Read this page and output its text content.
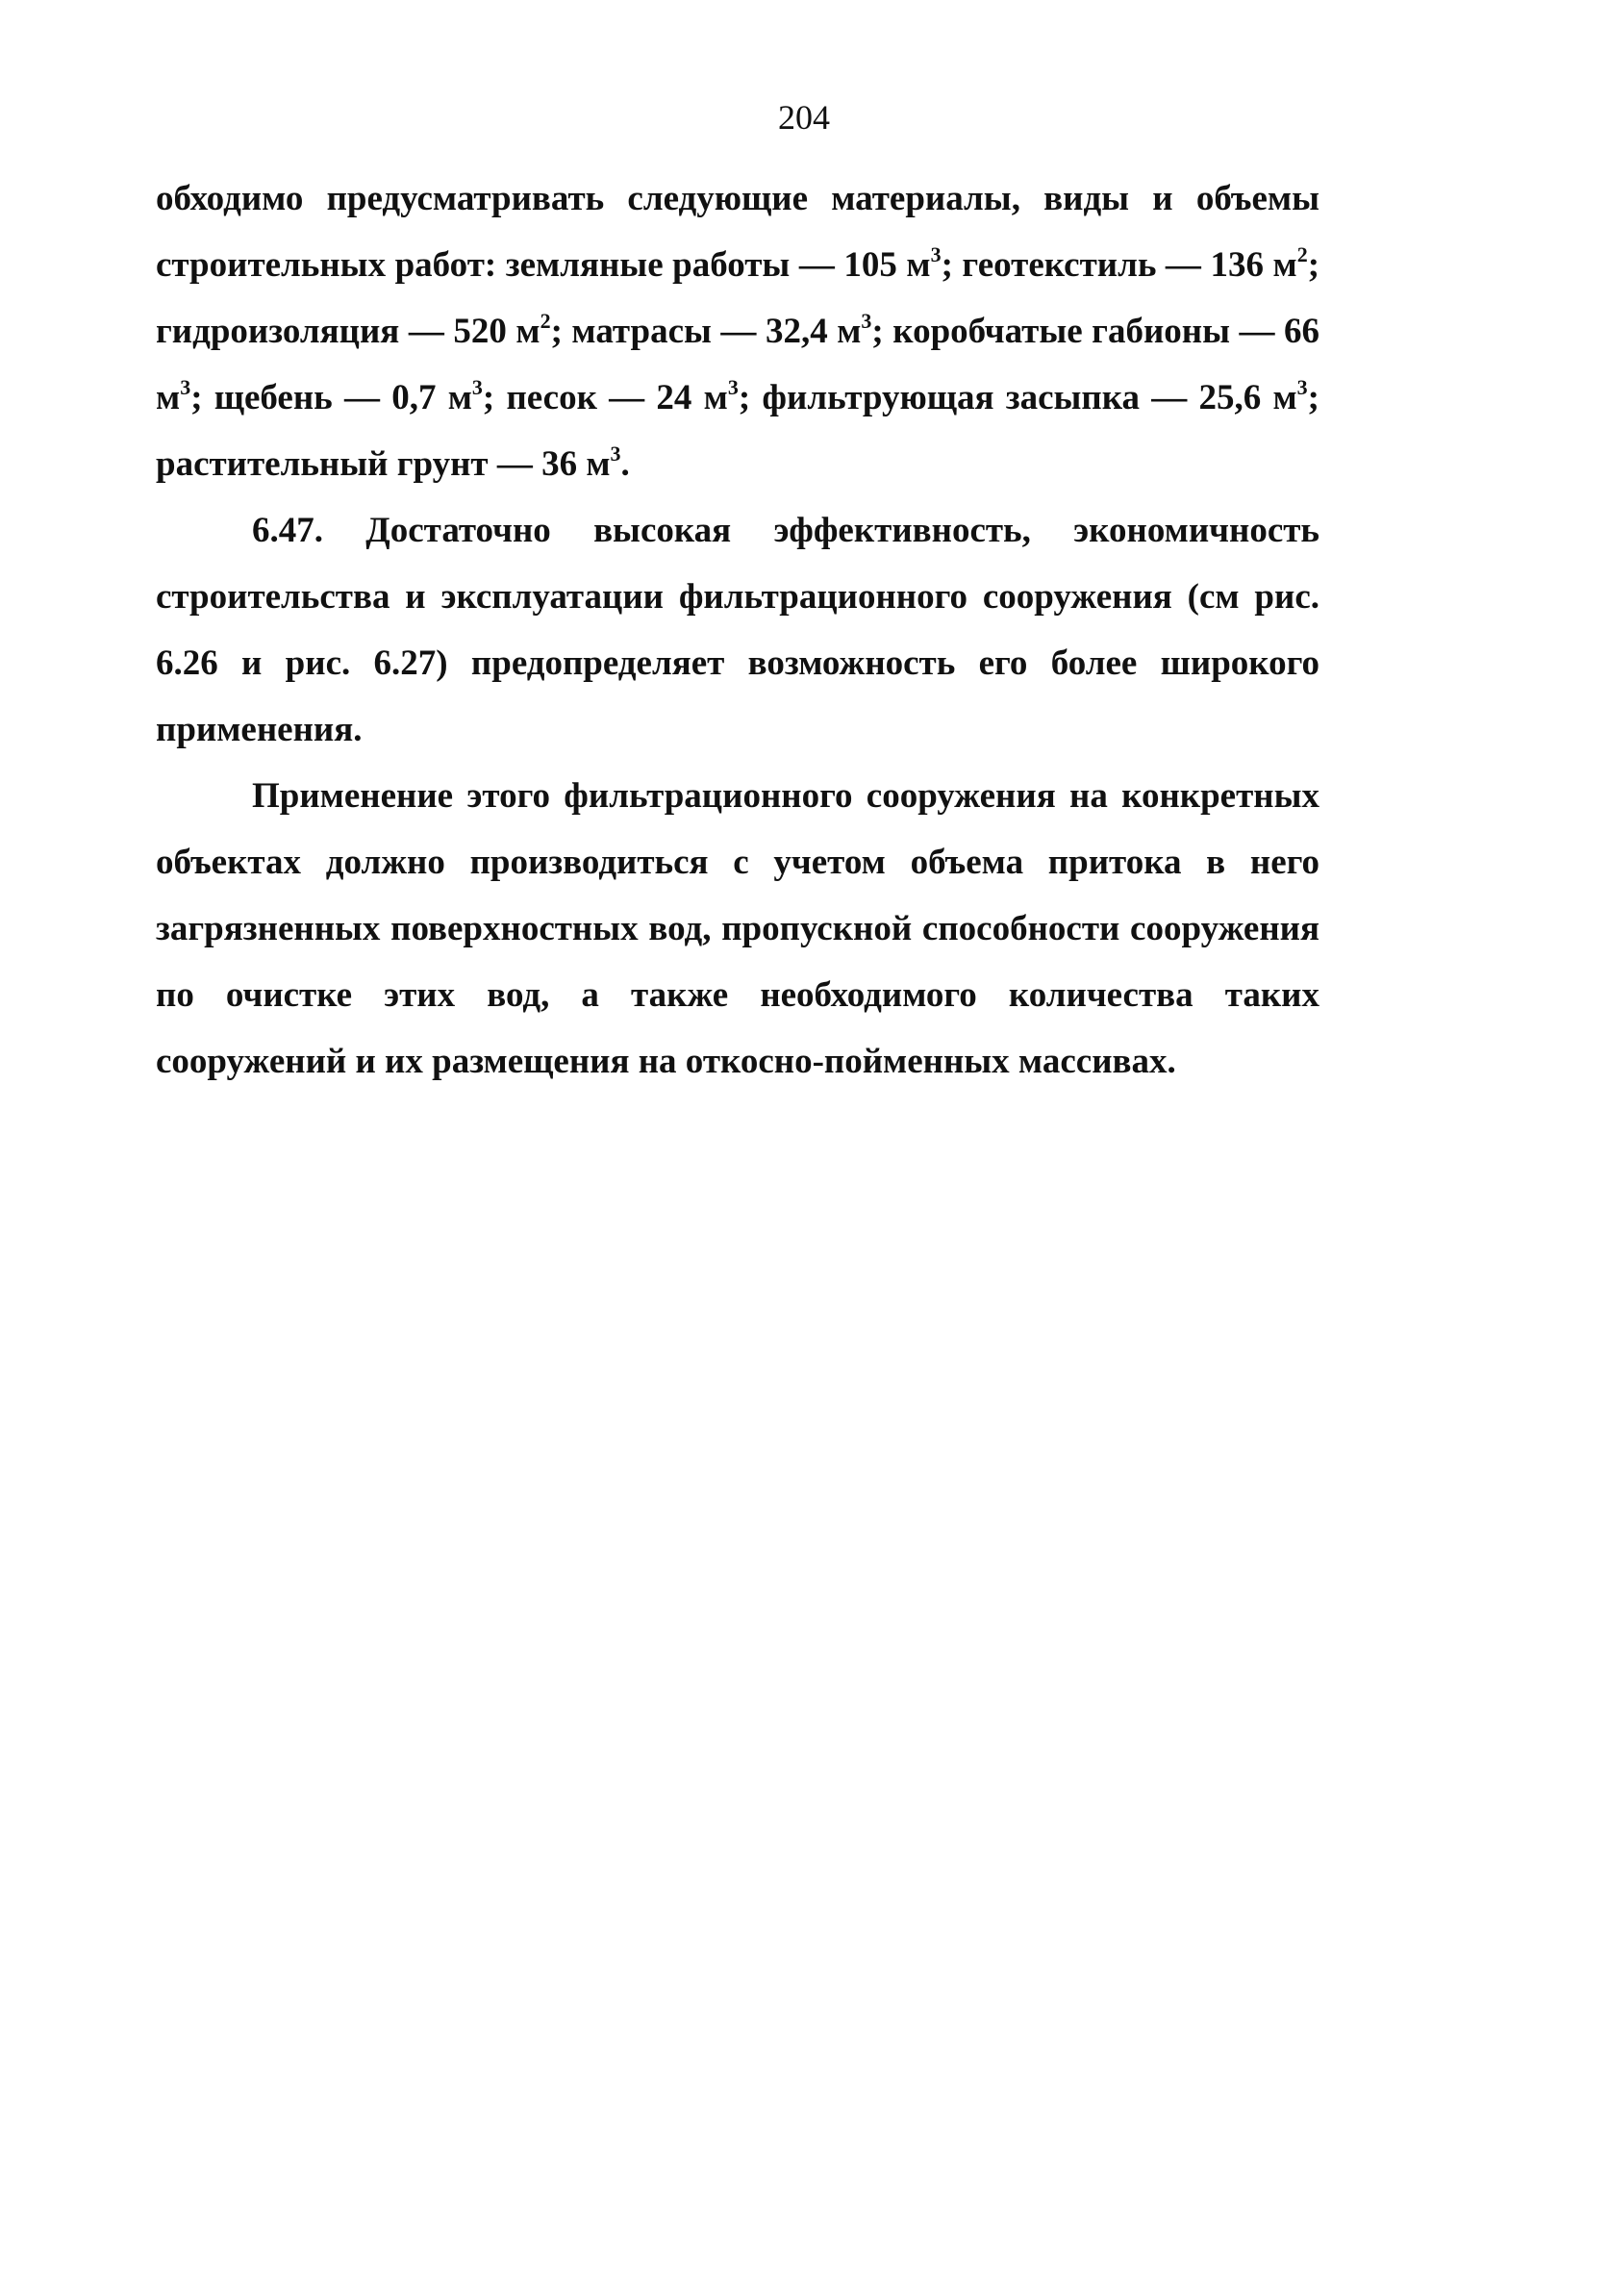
204

обходимо предусматривать следующие материалы, виды и объемы строительных работ: земляные работы — 105 $м^3$; геотекстиль — 136 $м^2$; гидроизоляция — 520 $м^2$; матрасы — 32,4 $м^3$; коробчатые габионы — 66 $м^3$; щебень — 0,7 $м^3$; песок — 24 $м^3$; фильтрующая засыпка — 25,6 $м^3$; растительный грунт — 36 $м^3$.

6.47. Достаточно высокая эффективность, экономичность строительства и эксплуатации фильтрационного сооружения (см рис. 6.26 и рис. 6.27) предопределяет возможность его более широкого применения.

Применение этого фильтрационного сооружения на конкретных объектах должно производиться с учетом объема притока в него загрязненных поверхностных вод, пропускной способности сооружения по очистке этих вод, а также необходимого количества таких сооружений и их размещения на откосно-пойменных массивах.
